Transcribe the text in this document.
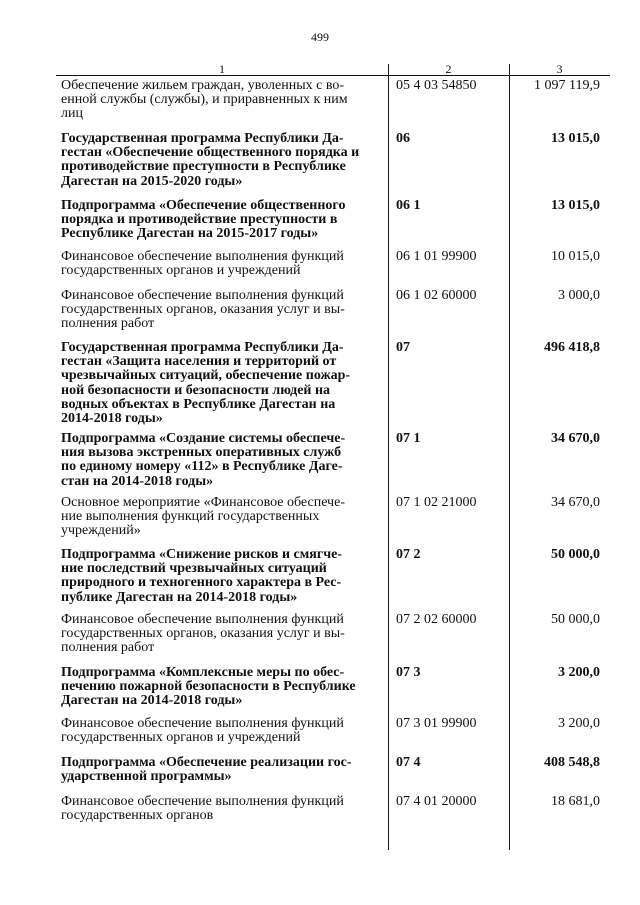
499
1	2	3
Обеспечение жильем граждан, уволенных с во-
енной службы (службы), и приравненных к ним
лиц
05 4 03 54850	1 097 119,9
Государственная программа Республики Да-
гестан «Обеспечение общественного порядка и
противодействие преступности в Республике
Дагестан на 2015-2020 годы»
06	13 015,0
Подпрограмма «Обеспечение общественного
порядка и противодействие преступности в
Республике Дагестан на 2015-2017 годы»
06 1	13 015,0
Финансовое обеспечение выполнения функций
государственных органов и учреждений
06 1 01 99900	10 015,0
Финансовое обеспечение выполнения функций
государственных органов, оказания услуг и вы-
полнения работ
06 1 02 60000	3 000,0
Государственная программа Республики Да-
гестан «Защита населения и территорий от
чрезвычайных ситуаций, обеспечение пожар-
ной безопасности и безопасности людей на
водных объектах в Республике Дагестан на
2014-2018 годы»
07	496 418,8
Подпрограмма «Создание системы обеспече-
ния вызова экстренных оперативных служб
по единому номеру «112» в Республике Даге-
стан на 2014-2018 годы»
07 1	34 670,0
Основное мероприятие «Финансовое обеспече-
ние выполнения функций государственных
учреждений»
07 1 02 21000	34 670,0
Подпрограмма «Снижение рисков и смягче-
ние последствий чрезвычайных ситуаций
природного и техногенного характера в Рес-
публике Дагестан на 2014-2018 годы»
07 2	50 000,0
Финансовое обеспечение выполнения функций
государственных органов, оказания услуг и вы-
полнения работ
07 2 02 60000	50 000,0
Подпрограмма «Комплексные меры по обес-
печению пожарной безопасности в Республике
Дагестан на 2014-2018 годы»
07 3	3 200,0
Финансовое обеспечение выполнения функций
государственных органов и учреждений
07 3 01 99900	3 200,0
Подпрограмма «Обеспечение реализации гос-
ударственной программы»
07 4	408 548,8
Финансовое обеспечение выполнения функций
государственных органов
07 4 01 20000	18 681,0
